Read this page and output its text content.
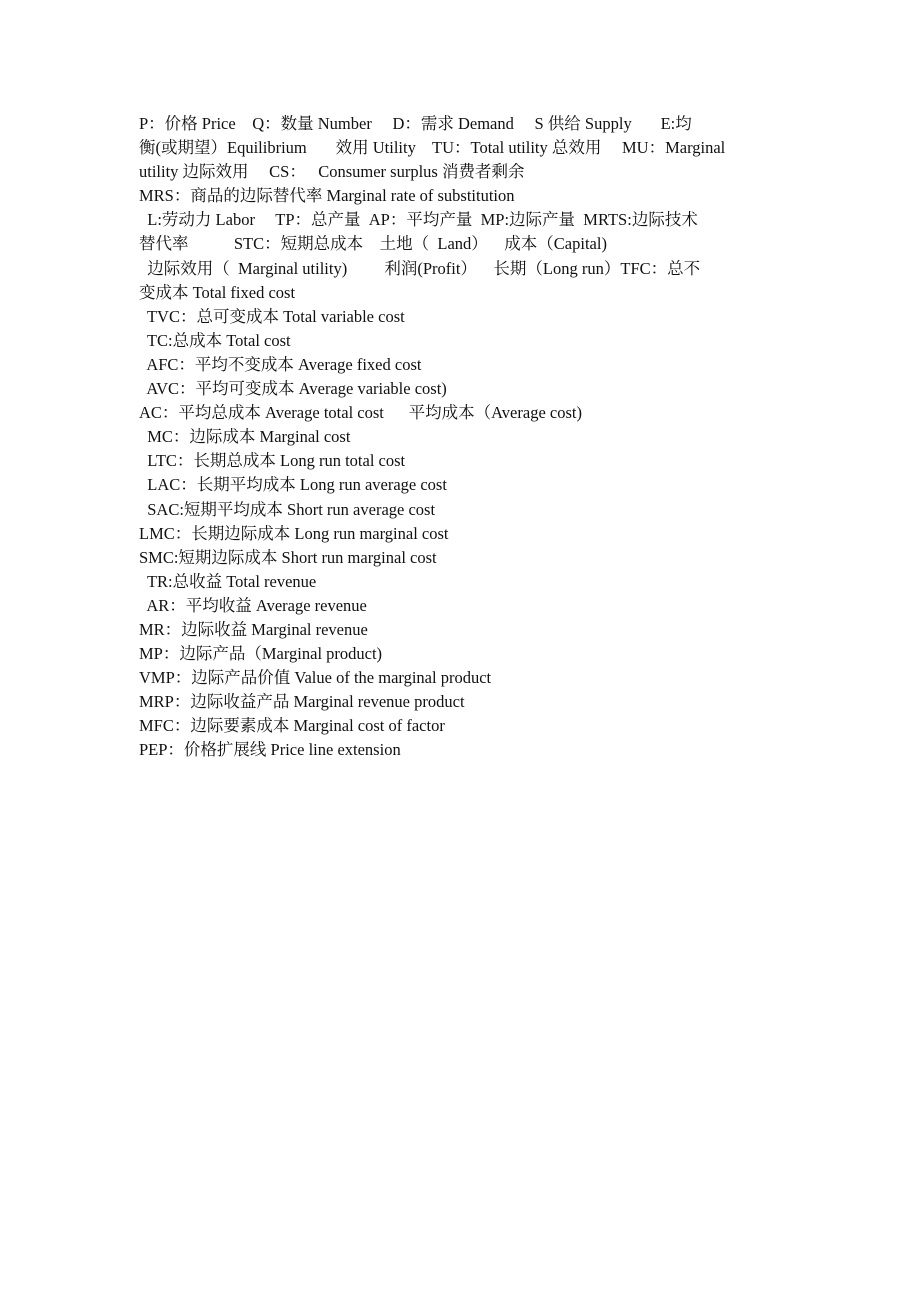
P：价格 Price    Q：数量 Number     D：需求 Demand     S 供给 Supply       E:均
衡(或期望）Equilibrium       效用 Utility    TU：Total utility 总效用     MU：Marginal
utility 边际效用     CS：   Consumer surplus 消费者剩余
MRS：商品的边际替代率 Marginal rate of substitution
L:劳动力 Labor     TP：总产量  AP：平均产量  MP:边际产量  MRTS:边际技术
替代率           STC：短期总成本    土地（  Land）    成本（Capital)
边际效用（  Marginal utility)         利润(Profit）    长期（Long run）TFC：总不
变成本 Total fixed cost
TVC：总可变成本 Total variable cost
TC:总成本 Total cost
AFC：平均不变成本 Average fixed cost
AVC：平均可变成本 Average variable cost)
AC：平均总成本 Average total cost      平均成本（Average cost)
MC：边际成本 Marginal cost
LTC：长期总成本 Long run total cost
LAC：长期平均成本 Long run average cost
SAC:短期平均成本 Short run average cost
LMC：长期边际成本 Long run marginal cost
SMC:短期边际成本 Short run marginal cost
TR:总收益 Total revenue
AR：平均收益 Average revenue
MR：边际收益 Marginal revenue
MP：边际产品（Marginal product)
VMP：边际产品价值 Value of the marginal product
MRP：边际收益产品 Marginal revenue product
MFC：边际要素成本 Marginal cost of factor
PEP：价格扩展线 Price line extension
